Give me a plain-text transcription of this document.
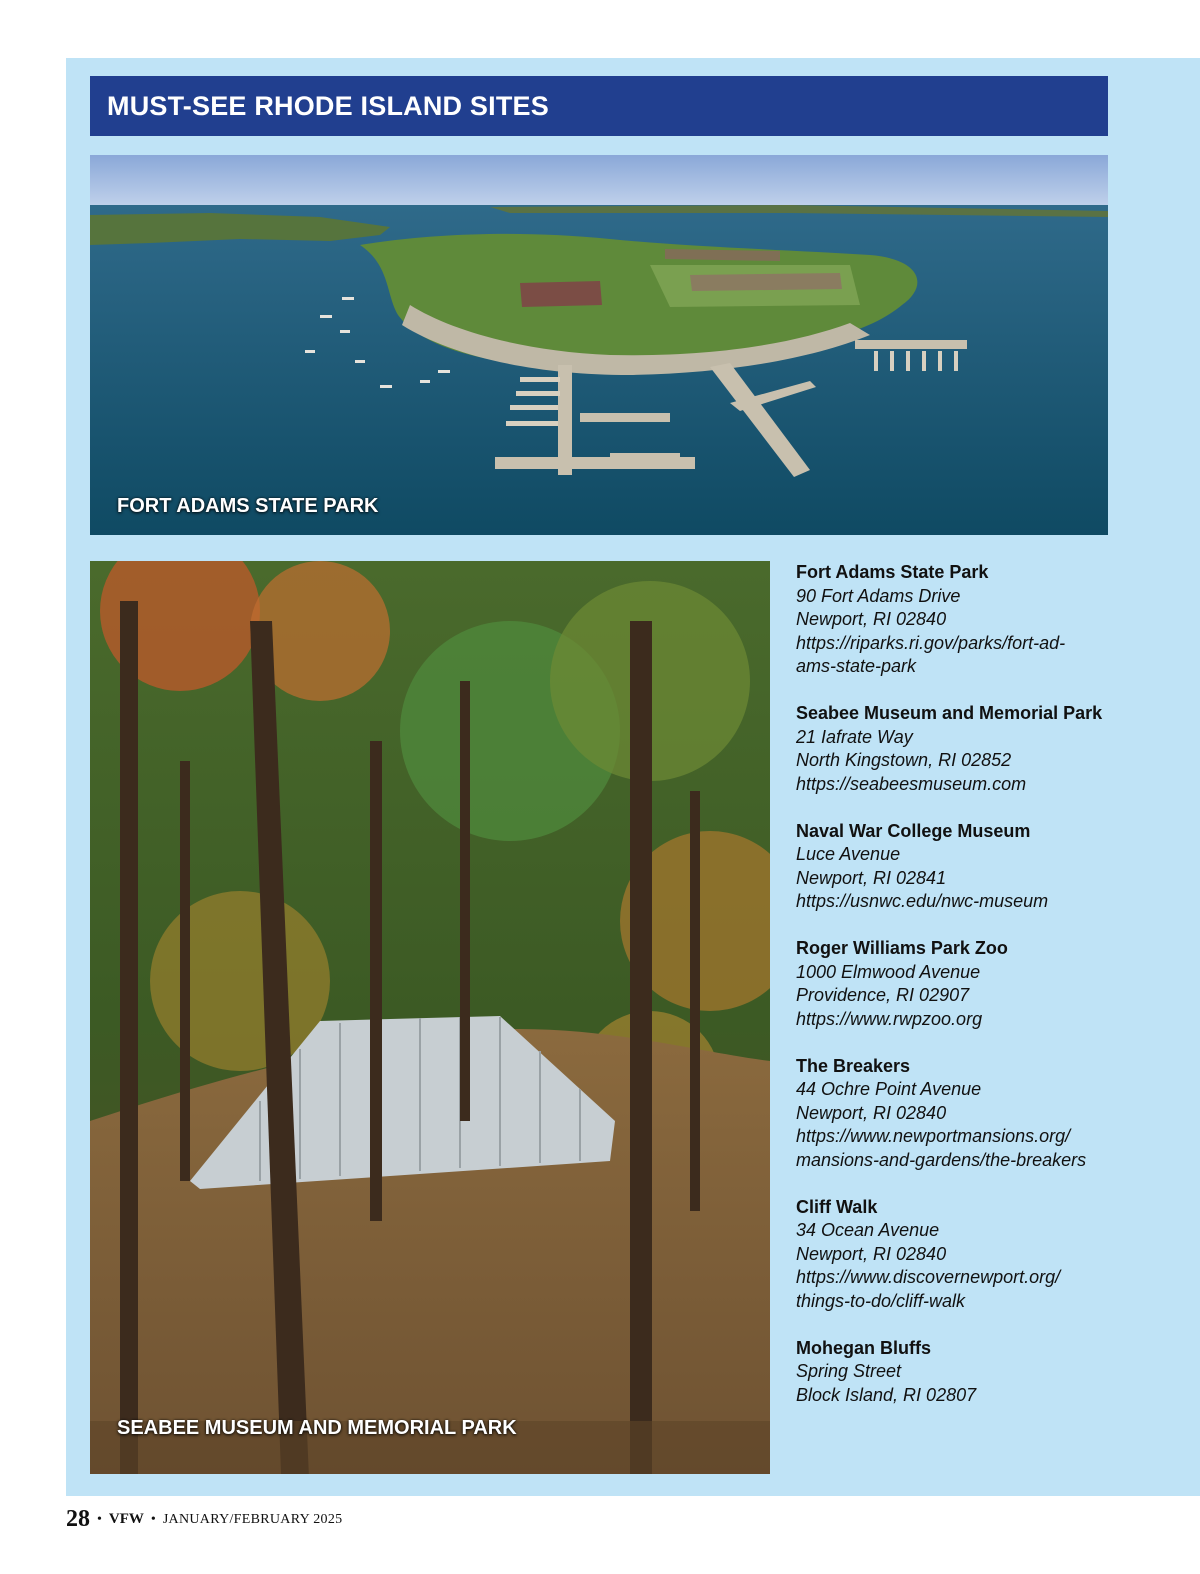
MUST-SEE RHODE ISLAND SITES
FORT ADAMS STATE PARK
SEABEE MUSEUM AND MEMORIAL PARK
Fort Adams State Park
90 Fort Adams Drive
Newport, RI 02840
https://riparks.ri.gov/parks/fort-ad-
ams-state-park
Seabee Museum and Memorial Park
21 Iafrate Way
North Kingstown, RI 02852
https://seabeesmuseum.com
Naval War College Museum
Luce Avenue
Newport, RI 02841
https://usnwc.edu/nwc-museum
Roger Williams Park Zoo
1000 Elmwood Avenue
Providence, RI 02907
https://www.rwpzoo.org
The Breakers
44 Ochre Point Avenue
Newport, RI 02840
https://www.newportmansions.org/
mansions-and-gardens/the-breakers
Cliff Walk
34 Ocean Avenue
Newport, RI 02840
https://www.discovernewport.org/
things-to-do/cliff-walk
Mohegan Bluffs
Spring Street
Block Island, RI 02807
28 • VFW • JANUARY/FEBRUARY 2025
